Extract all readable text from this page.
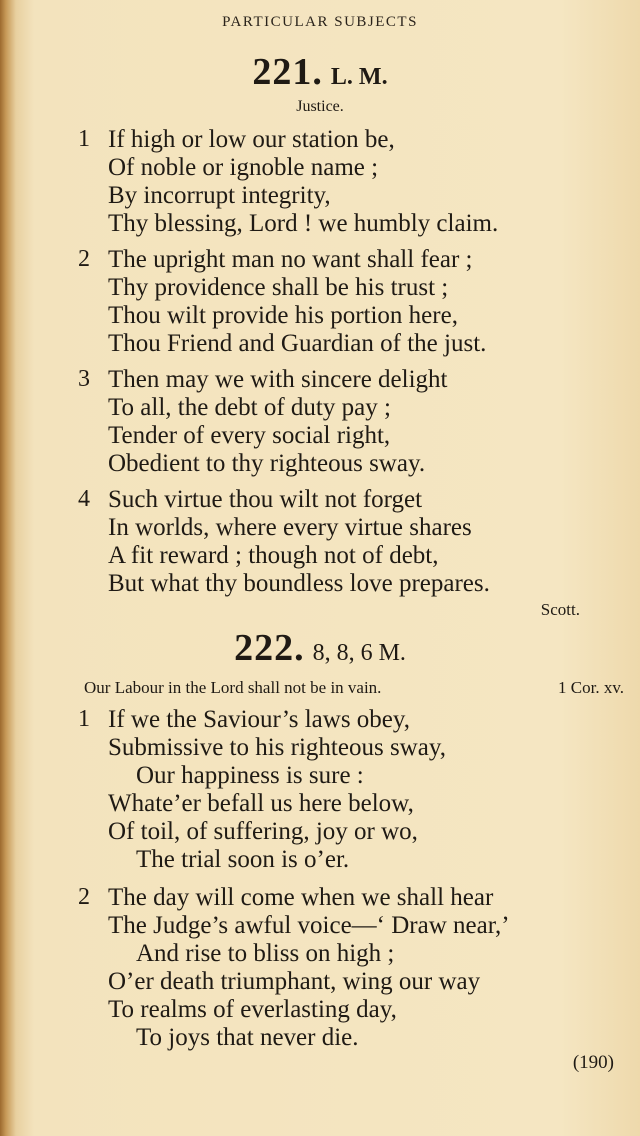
PARTICULAR SUBJECTS
221. L. M.
Justice.
1 If high or low our station be,
Of noble or ignoble name ;
By incorrupt integrity,
Thy blessing, Lord ! we humbly claim.
2 The upright man no want shall fear ;
Thy providence shall be his trust ;
Thou wilt provide his portion here,
Thou Friend and Guardian of the just.
3 Then may we with sincere delight
To all, the debt of duty pay ;
Tender of every social right,
Obedient to thy righteous sway.
4 Such virtue thou wilt not forget
In worlds, where every virtue shares
A fit reward ; though not of debt,
But what thy boundless love prepares.
Scott.
222. 8, 8, 6 M.
Our Labour in the Lord shall not be in vain.	1 Cor. xv.
1 If we the Saviour’s laws obey,
Submissive to his righteous sway,
Our happiness is sure :
Whate’er befall us here below,
Of toil, of suffering, joy or wo,
The trial soon is o’er.
2 The day will come when we shall hear
The Judge’s awful voice—‘ Draw near,’
And rise to bliss on high ;
O’er death triumphant, wing our way
To realms of everlasting day,
To joys that never die.
(190)
